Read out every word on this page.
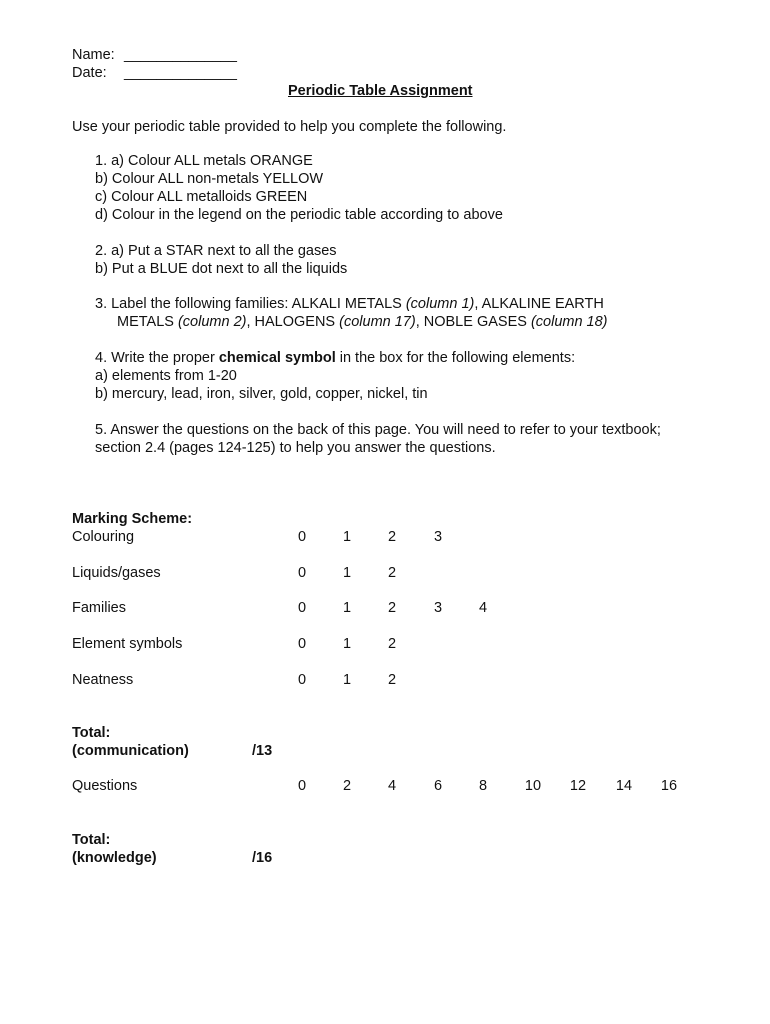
Name: ______________
Date: ______________
Periodic Table Assignment
Use your periodic table provided to help you complete the following.
1. a) Colour ALL metals ORANGE
b) Colour ALL non-metals YELLOW
c) Colour ALL metalloids GREEN
d) Colour in the legend on the periodic table according to above
2. a) Put a STAR next to all the gases
b) Put a BLUE dot next to all the liquids
3. Label the following families: ALKALI METALS (column 1), ALKALINE EARTH
METALS (column 2), HALOGENS (column 17), NOBLE GASES (column 18)
4. Write the proper chemical symbol in the box for the following elements:
a) elements from 1-20
b) mercury, lead, iron, silver, gold, copper, nickel, tin
5. Answer the questions on the back of this page. You will need to refer to your textbook;
section 2.4 (pages 124-125) to help you answer the questions.
Marking Scheme:
Colouring	0	1	2	3
Liquids/gases	0	1	2
Families	0	1	2	3	4
Element symbols	0	1	2
Neatness	0	1	2
Total:
(communication)	/13
Questions	0	2	4	6	8	10	12	14	16
Total:
(knowledge)	/16
